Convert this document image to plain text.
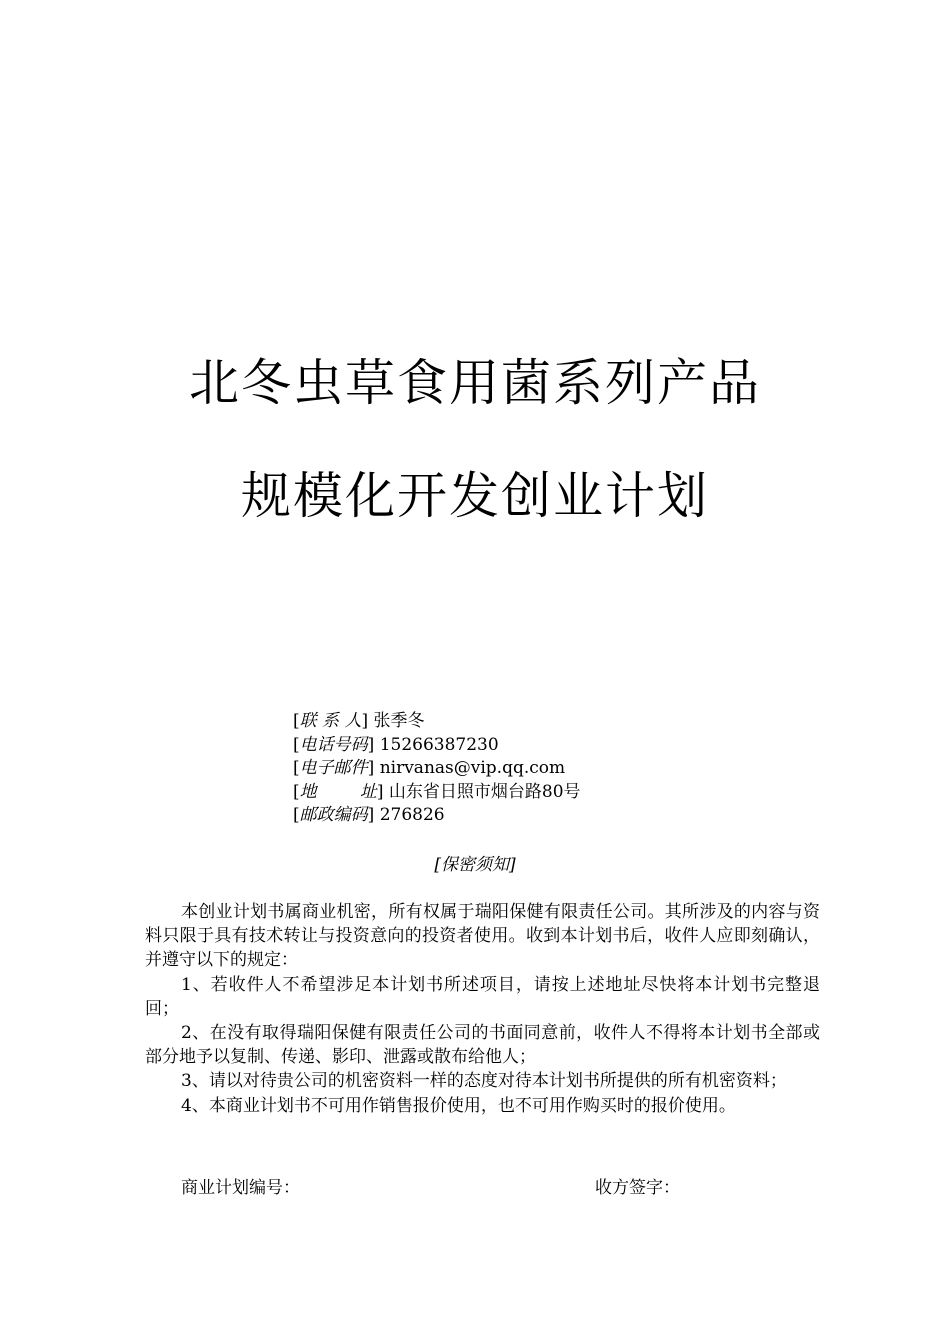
北冬虫草食用菌系列产品
规模化开发创业计划
[联 系 人] 张季冬
[电话号码] 15266387230
[电子邮件] nirvanas@vip.qq.com
[地        址] 山东省日照市烟台路80号
[邮政编码] 276826
[保密须知]

本创业计划书属商业机密，所有权属于瑞阳保健有限责任公司。其所涉及的内容与资料只限于具有技术转让与投资意向的投资者使用。收到本计划书后，收件人应即刻确认，并遵守以下的规定：

1、若收件人不希望涉足本计划书所述项目，请按上述地址尽快将本计划书完整退回；

2、在没有取得瑞阳保健有限责任公司的书面同意前，收件人不得将本计划书全部或部分地予以复制、传递、影印、泄露或散布给他人；

3、请以对待贵公司的机密资料一样的态度对待本计划书所提供的所有机密资料；

4、本商业计划书不可用作销售报价使用，也不可用作购买时的报价使用。

商业计划编号：	收方签字：
